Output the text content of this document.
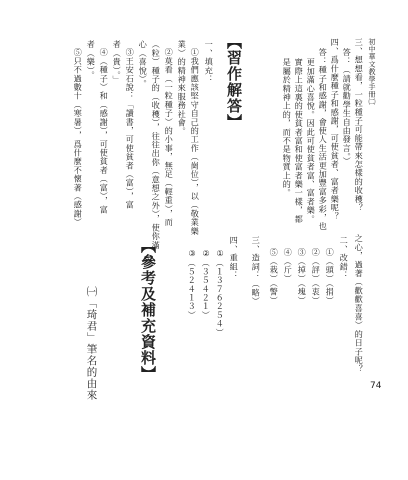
初中華文教學手冊㈡
74
三、想想看，一粒種子可能帶來怎樣的收穫？
答：（請就勸學生自由發言。）
四、爲什麼種子和感謝，可使貧者、富者樂呢？
答：種子和感謝，會使人生活更加豐富多彩，也
更加滿心喜悅。因此可使貧者富、富者樂。
實際上這裏的使貧者富和使富者樂一樣，都
是屬於精神上的，而不是物質上的。
【習作解答】
一、填充：
①我們應該堅守自己的工作（崗位），以（敬業樂
業）的精神來服務社會。
②莫看（一粒種子）的小事，無足（輕重），而
（粒）種子的（收穫），往往出你（意想之外），使你滿
心（喜悅）。
③王安石說：「讀書，可使貧者（富），富
者（貴）。」
④（種子）和（感謝），可使貧者（富），富
者（樂）。
⑤只不過數十（寒暑），爲什麼不懷著（感謝）
之心，過著（歡歡喜喜）的日子呢？
二、改錯：
①（頭）（捐）
②（評）（衷）
③（掉）（塊）
④（斤）
⑤（栽）（警）
三、造詞：（略）
四、重組：
①（１３７６２５４）
②（３５４２１）
③（５２４１３）
【參考及補充資料】
㈠「琦君」筆名的由來
